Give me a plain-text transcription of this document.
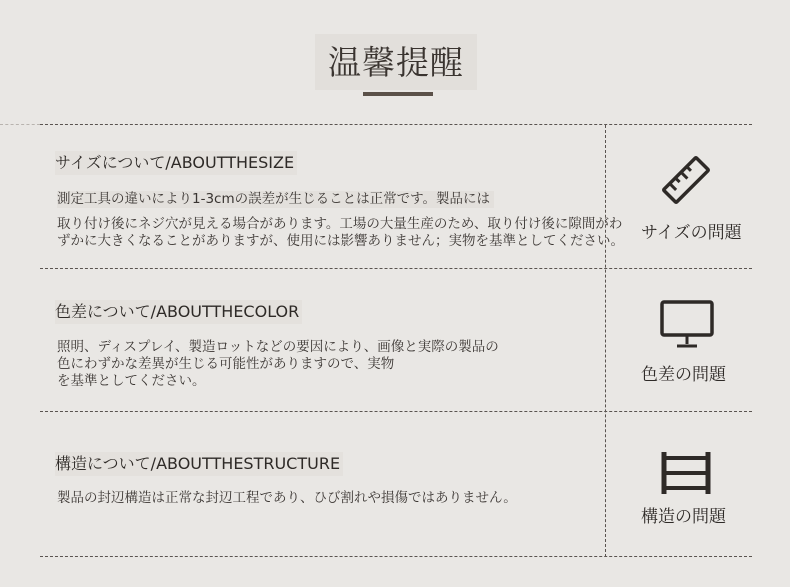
温馨提醒
サイズについて/ABOUTTHESIZE
測定工具の違いにより1-3cmの誤差が生じることは正常です。製品には
取り付け後にネジ穴が見える場合があります。工場の大量生産のため、取り付け後に隙間がわ
ずかに大きくなることがありますが、使用には影響ありません；実物を基準としてください。 サイズの問題
色差について/ABOUTTHECOLOR
照明、ディスプレイ、製造ロットなどの要因により、画像と実際の製品の
色にわずかな差異が生じる可能性がありますので、実物
を基準としてください。	色差の問題
構造について/ABOUTTHESTRUCTURE
製品の封辺構造は正常な封辺工程であり、ひび割れや損傷ではありません。
構造の問題
